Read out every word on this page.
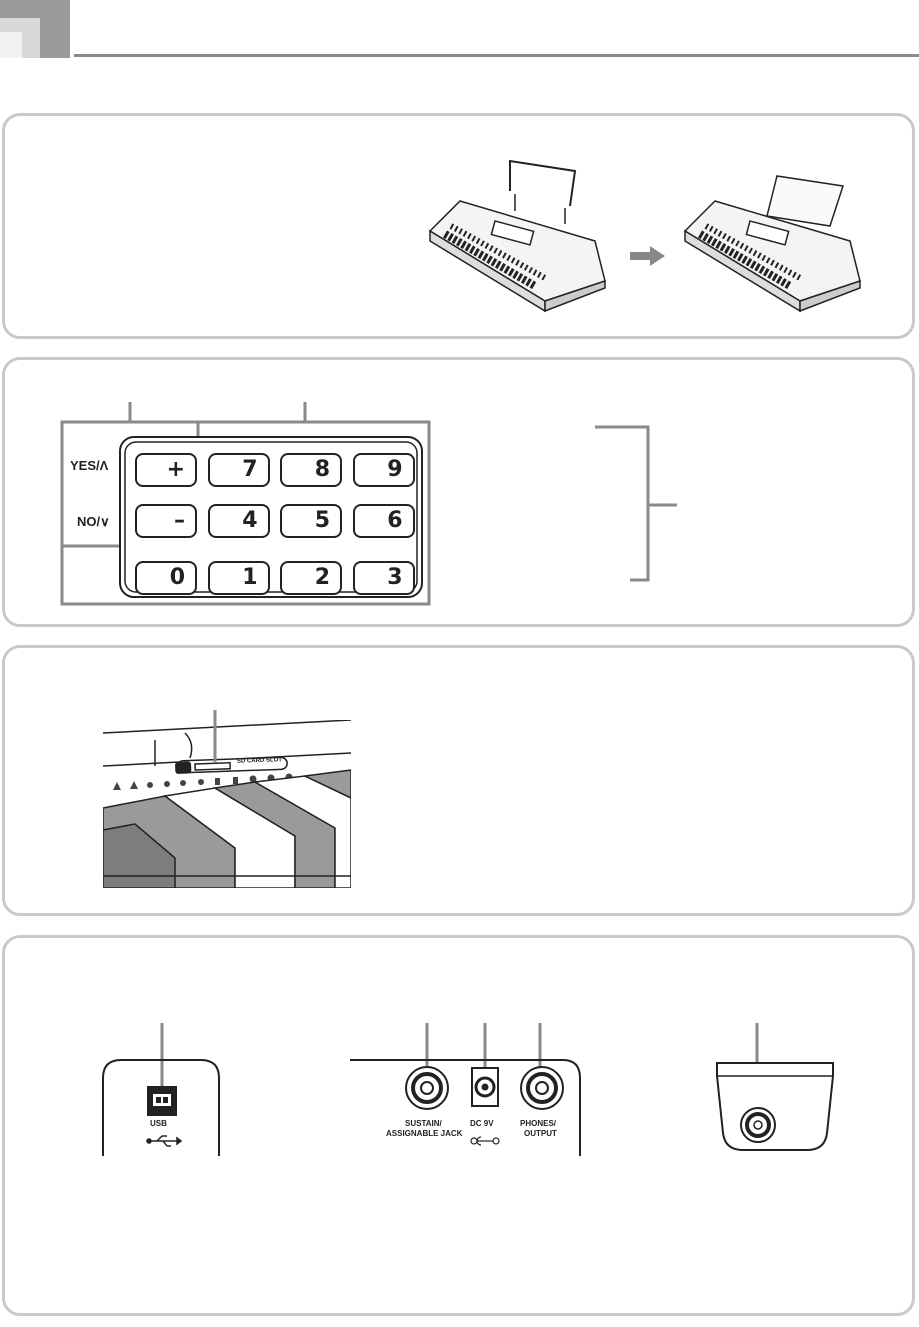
YES/Λ
NO/∨
+	7	8	9
–	4	5	6
0	1	2	3
SD CARD SLOT
USB	SUSTAIN/
ASSIGNABLE JACK
DC 9V	PHONES/
OUTPUT
